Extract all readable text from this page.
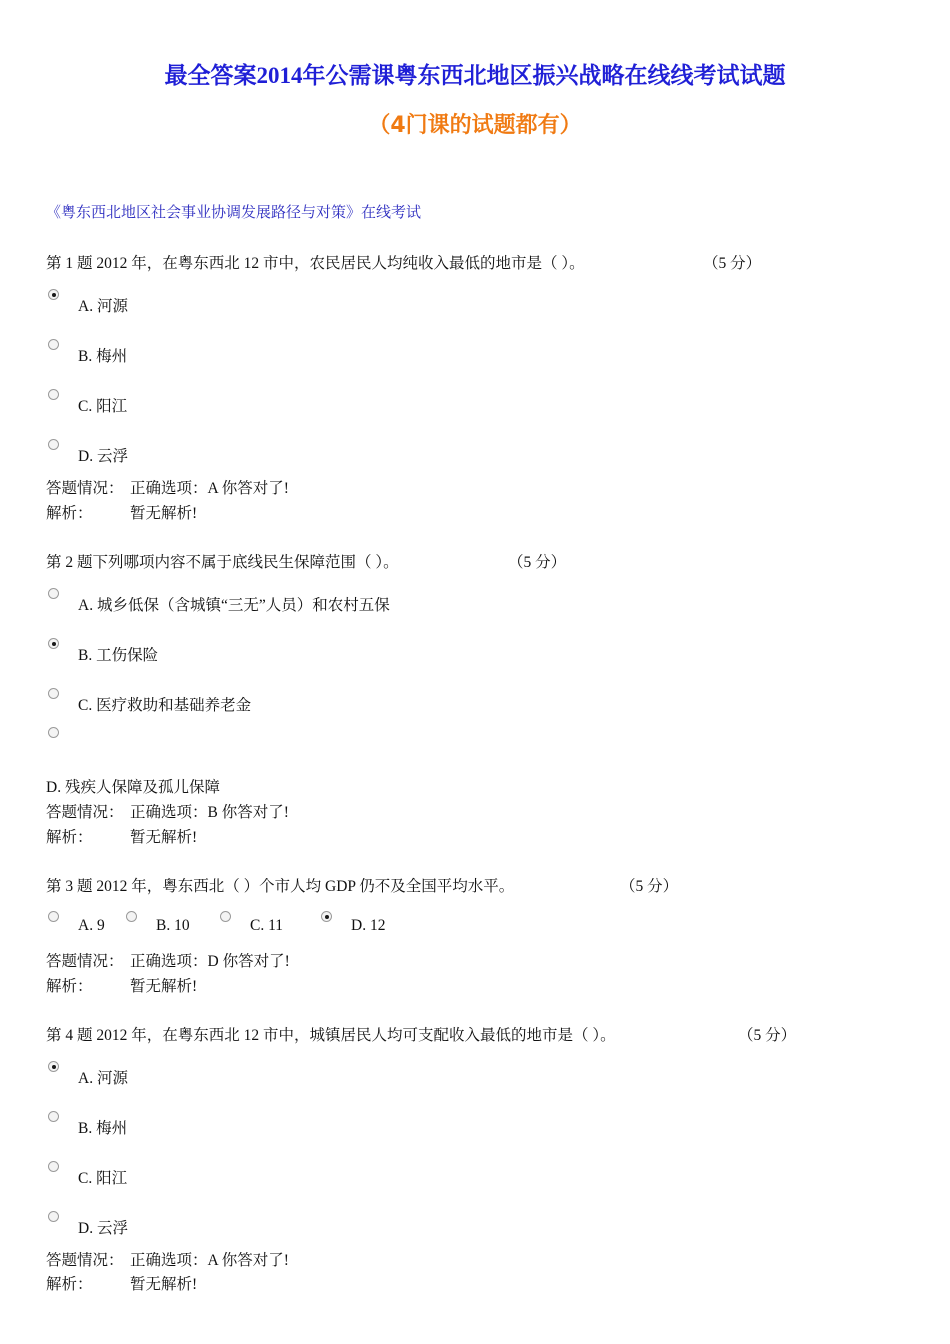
最全答案2014年公需课粤东西北地区振兴战略在线线考试试题
（4门课的试题都有）
《粤东西北地区社会事业协调发展路径与对策》在线考试
第 1 题 2012 年，在粤东西北 12 市中，农民居民人均纯收入最低的地市是（ ）。	（5 分）
A. 河源
B. 梅州
C. 阳江
D. 云浮
答题情况： 正确选项：A 你答对了!
解析： 暂无解析!
第 2 题下列哪项内容不属于底线民生保障范围（ ）。	（5 分）
A. 城乡低保（含城镇“三无”人员）和农村五保
B. 工伤保险
C. 医疗救助和基础养老金
D. 残疾人保障及孤儿保障
答题情况： 正确选项：B 你答对了!
解析： 暂无解析!
第 3 题 2012 年，粤东西北（ ）个市人均 GDP 仍不及全国平均水平。	（5 分）
A. 9	B. 10	C. 11	D. 12
答题情况： 正确选项：D 你答对了!
解析： 暂无解析!
第 4 题 2012 年，在粤东西北 12 市中，城镇居民人均可支配收入最低的地市是（ ）。	（5 分）
A. 河源
B. 梅州
C. 阳江
D. 云浮
答题情况： 正确选项：A 你答对了!
解析： 暂无解析!
